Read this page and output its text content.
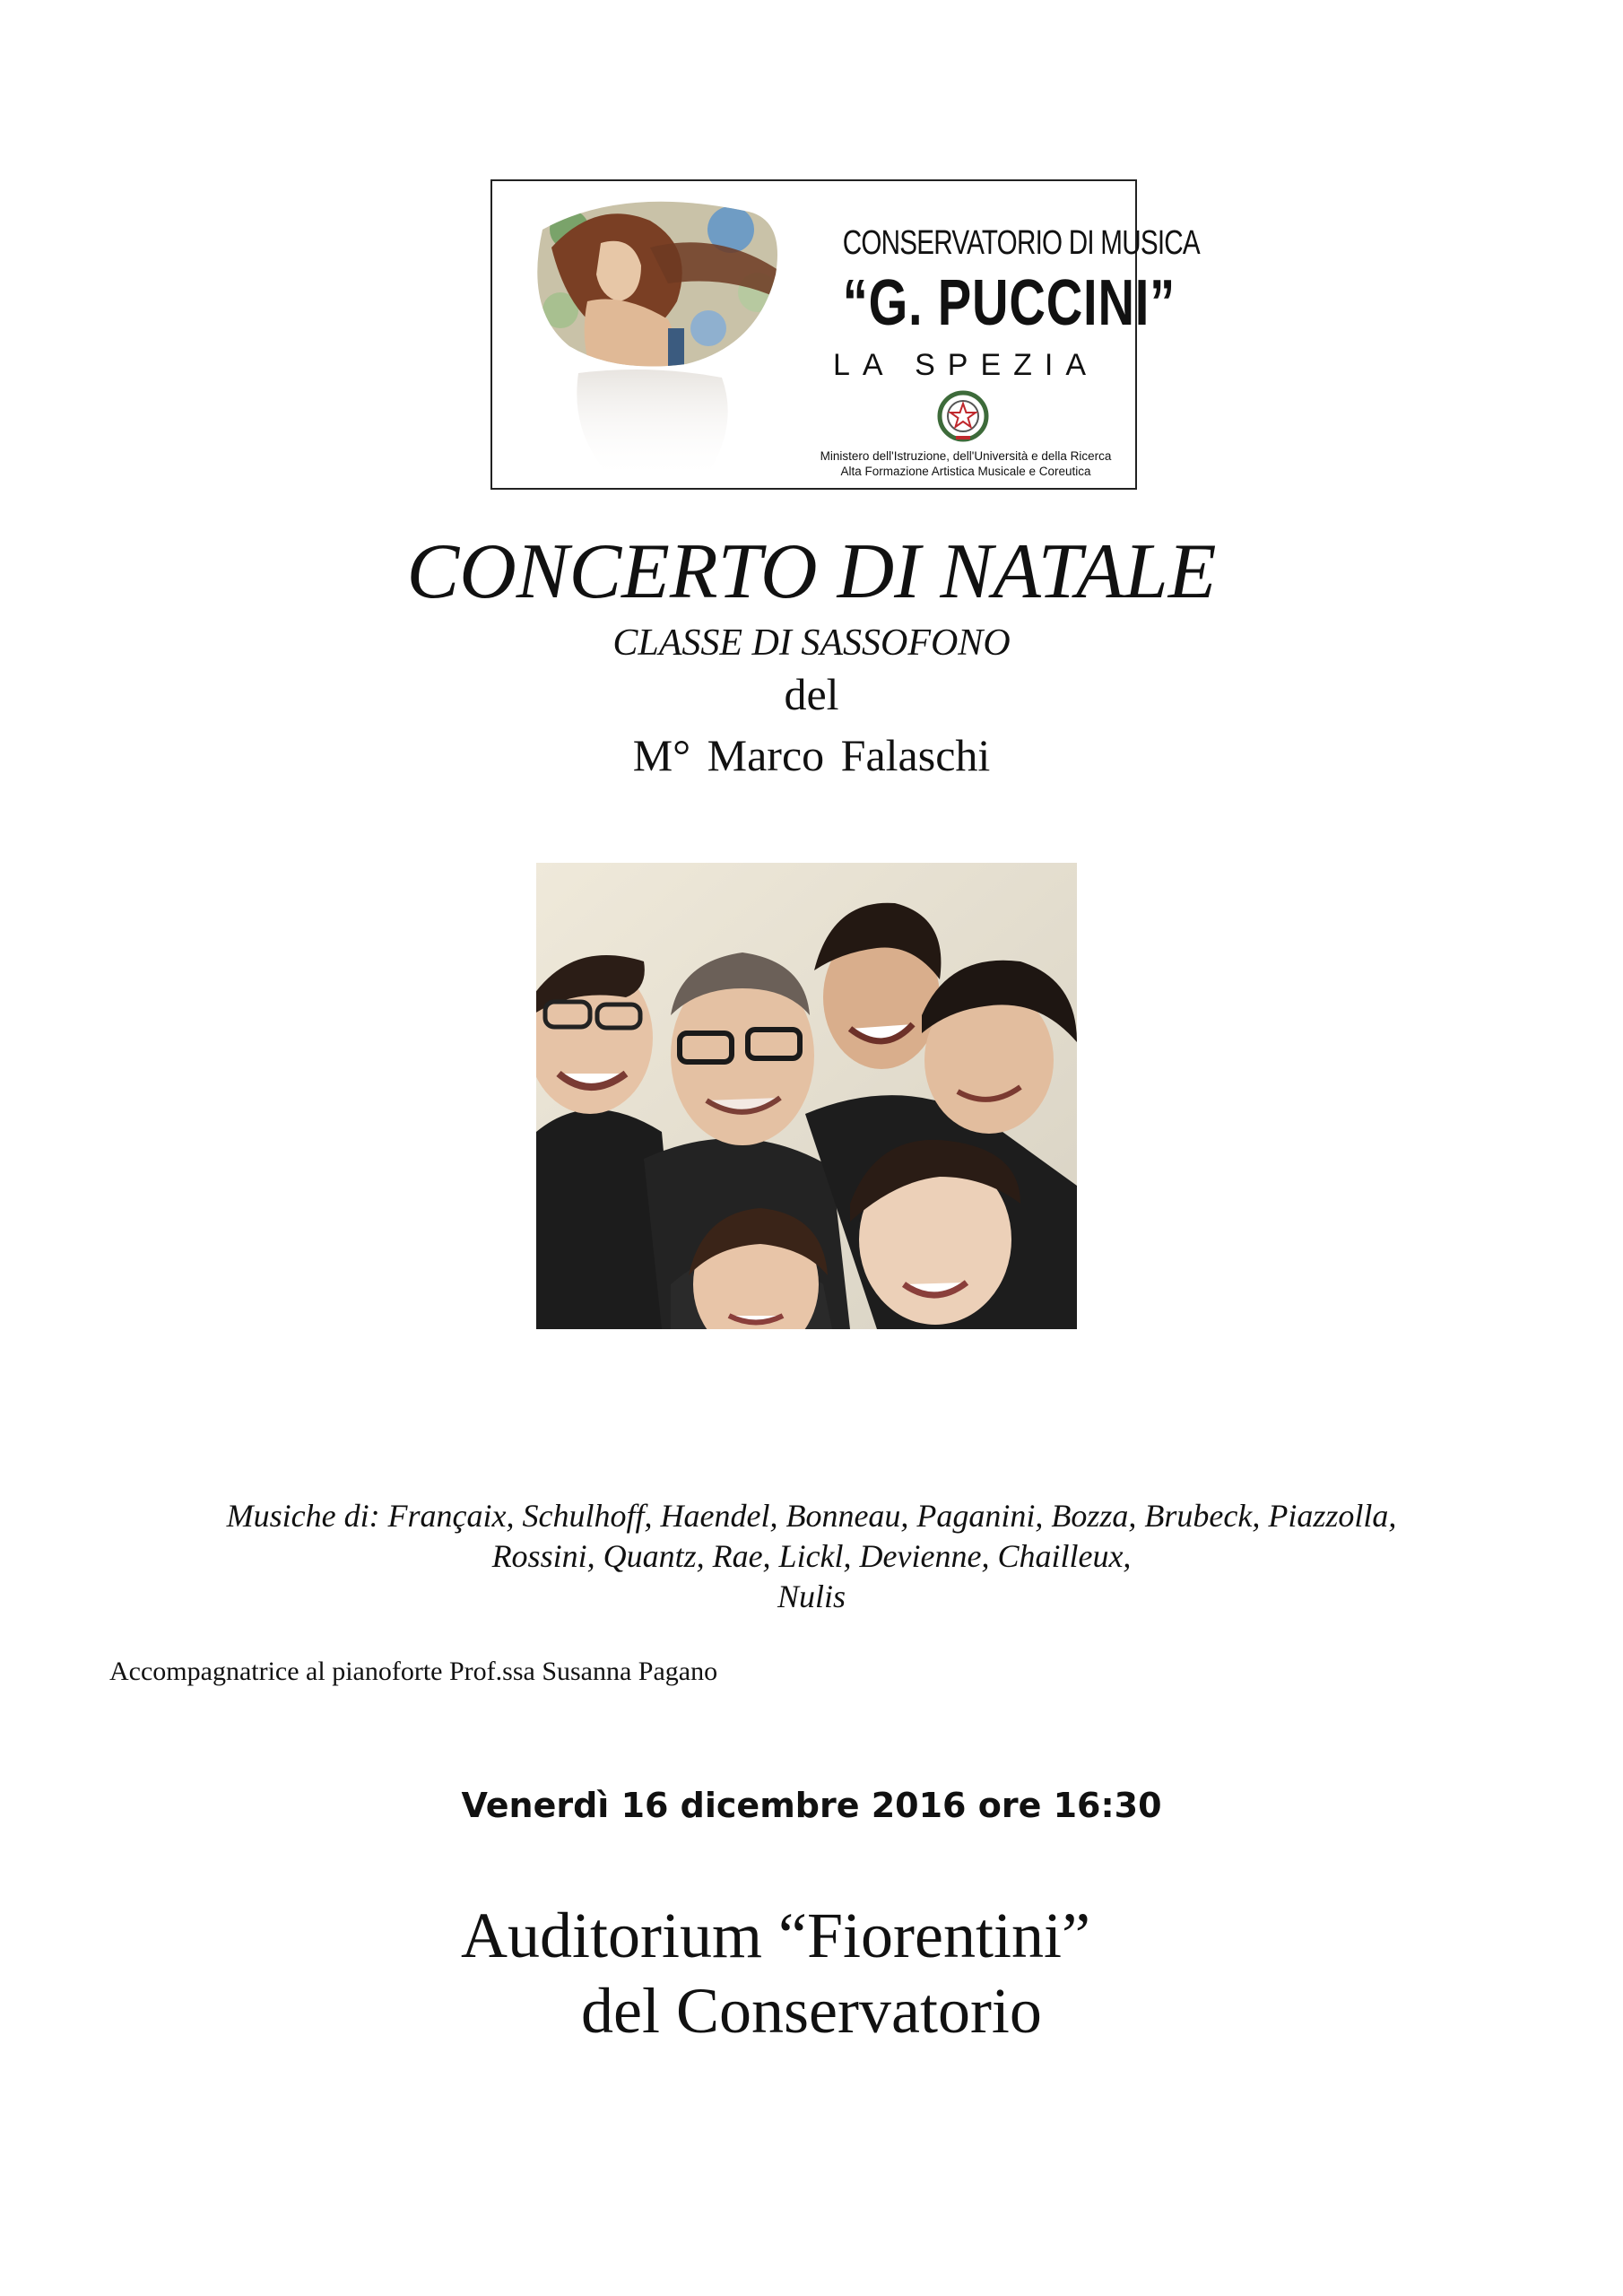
CONSERVATORIO DI MUSICA
“G. PUCCINI”
LA SPEZIA
Ministero dell'Istruzione, dell'Università e della Ricerca
Alta Formazione Artistica Musicale e Coreutica
CONCERTO DI NATALE
CLASSE DI SASSOFONO
del
M° Marco Falaschi
Musiche di: Françaix, Schulhoff, Haendel, Bonneau, Paganini, Bozza, Brubeck, Piazzolla,
Rossini, Quantz, Rae, Lickl, Devienne, Chailleux,
Nulis
Accompagnatrice al pianoforte Prof.ssa Susanna Pagano
Venerdì 16 dicembre 2016 ore 16:30
Auditorium “Fiorentini”
del Conservatorio
